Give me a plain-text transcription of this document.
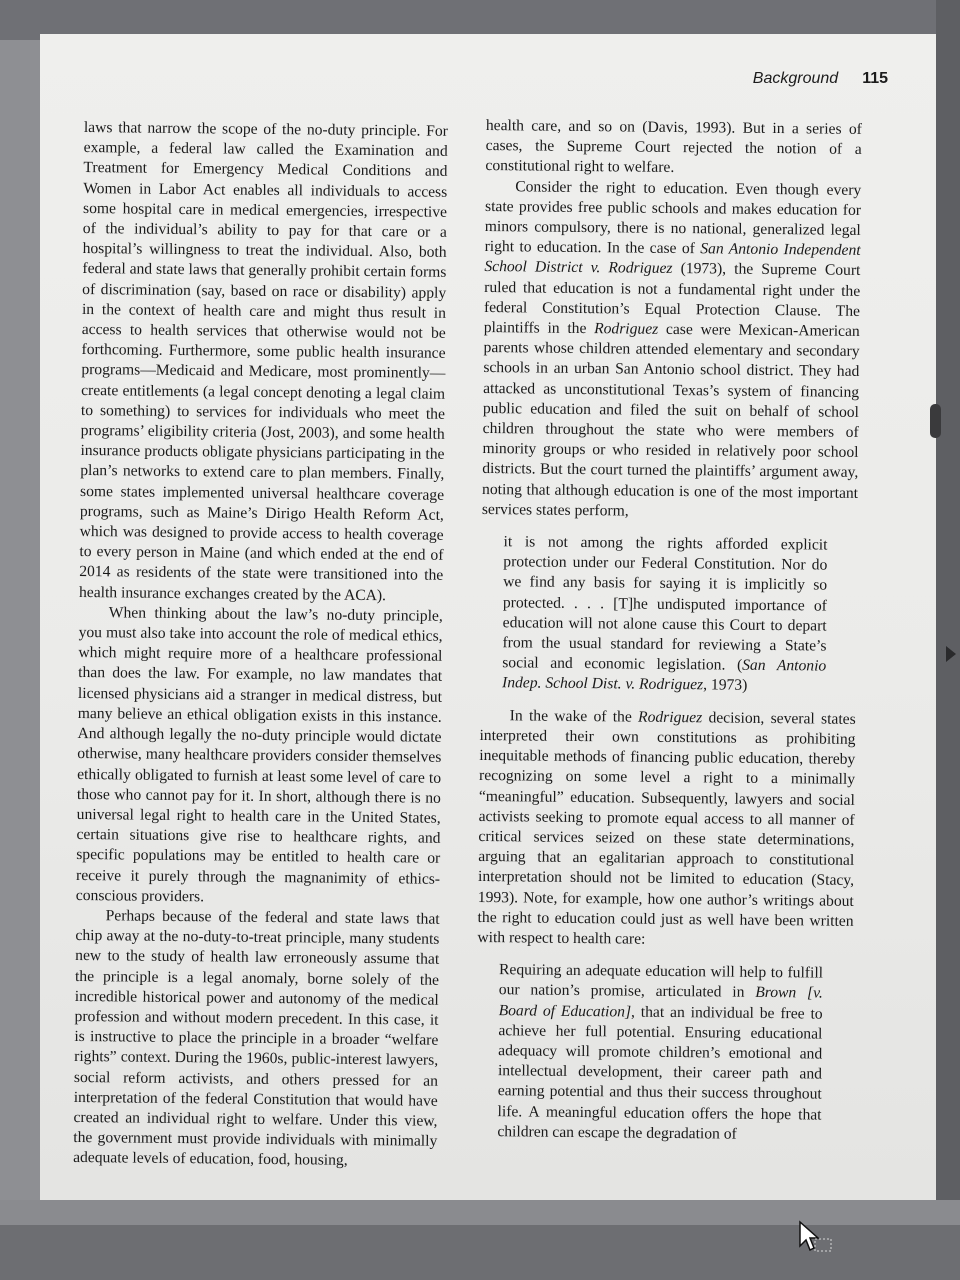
Background 115

laws that narrow the scope of the no-duty principle. For example, a federal law called the Examination and Treatment for Emergency Medical Conditions and Women in Labor Act enables all individuals to access some hospital care in medical emergencies, irrespective of the individual’s ability to pay for that care or a hospital’s willingness to treat the individual. Also, both federal and state laws that generally prohibit certain forms of discrimination (say, based on race or disability) apply in the context of health care and might thus result in access to health services that otherwise would not be forthcoming. Furthermore, some public health insurance programs—Medicaid and Medicare, most prominently—create entitlements (a legal concept denoting a legal claim to something) to services for individuals who meet the programs’ eligibility criteria (Jost, 2003), and some health insurance products obligate physicians participating in the plan’s networks to extend care to plan members. Finally, some states implemented universal healthcare coverage programs, such as Maine’s Dirigo Health Reform Act, which was designed to provide access to health coverage to every person in Maine (and which ended at the end of 2014 as residents of the state were transitioned into the health insurance exchanges created by the ACA).

When thinking about the law’s no-duty principle, you must also take into account the role of medical ethics, which might require more of a healthcare professional than does the law. For example, no law mandates that licensed physicians aid a stranger in medical distress, but many believe an ethical obligation exists in this instance. And although legally the no-duty principle would dictate otherwise, many healthcare providers consider themselves ethically obligated to furnish at least some level of care to those who cannot pay for it. In short, although there is no universal legal right to health care in the United States, certain situations give rise to healthcare rights, and specific populations may be entitled to health care or receive it purely through the magnanimity of ethics-conscious providers.

Perhaps because of the federal and state laws that chip away at the no-duty-to-treat principle, many students new to the study of health law erroneously assume that the principle is a legal anomaly, borne solely of the incredible historical power and autonomy of the medical profession and without modern precedent. In this case, it is instructive to place the principle in a broader “welfare rights” context. During the 1960s, public-interest lawyers, social reform activists, and others pressed for an interpretation of the federal Constitution that would have created an individual right to welfare. Under this view, the government must provide individuals with minimally adequate levels of education, food, housing,

health care, and so on (Davis, 1993). But in a series of cases, the Supreme Court rejected the notion of a constitutional right to welfare.

Consider the right to education. Even though every state provides free public schools and makes education for minors compulsory, there is no national, generalized legal right to education. In the case of San Antonio Independent School District v. Rodriguez (1973), the Supreme Court ruled that education is not a fundamental right under the federal Constitution’s Equal Protection Clause. The plaintiffs in the Rodriguez case were Mexican-American parents whose children attended elementary and secondary schools in an urban San Antonio school district. They had attacked as unconstitutional Texas’s system of financing public education and filed the suit on behalf of school children throughout the state who were members of minority groups or who resided in relatively poor school districts. But the court turned the plaintiffs’ argument away, noting that although education is one of the most important services states perform,

it is not among the rights afforded explicit protection under our Federal Constitution. Nor do we find any basis for saying it is implicitly so protected. . . . [T]he undisputed importance of education will not alone cause this Court to depart from the usual standard for reviewing a State’s social and economic legislation. (San Antonio Indep. School Dist. v. Rodriguez, 1973)

In the wake of the Rodriguez decision, several states interpreted their own constitutions as prohibiting inequitable methods of financing public education, thereby recognizing on some level a right to a minimally “meaningful” education. Subsequently, lawyers and social activists seeking to promote equal access to all manner of critical services seized on these state determinations, arguing that an egalitarian approach to constitutional interpretation should not be limited to education (Stacy, 1993). Note, for example, how one author’s writings about the right to education could just as well have been written with respect to health care:

Requiring an adequate education will help to fulfill our nation’s promise, articulated in Brown [v. Board of Education], that an individual be free to achieve her full potential. Ensuring educational adequacy will promote children’s emotional and intellectual development, their career path and earning potential and thus their success throughout life. A meaningful education offers the hope that children can escape the degradation of
